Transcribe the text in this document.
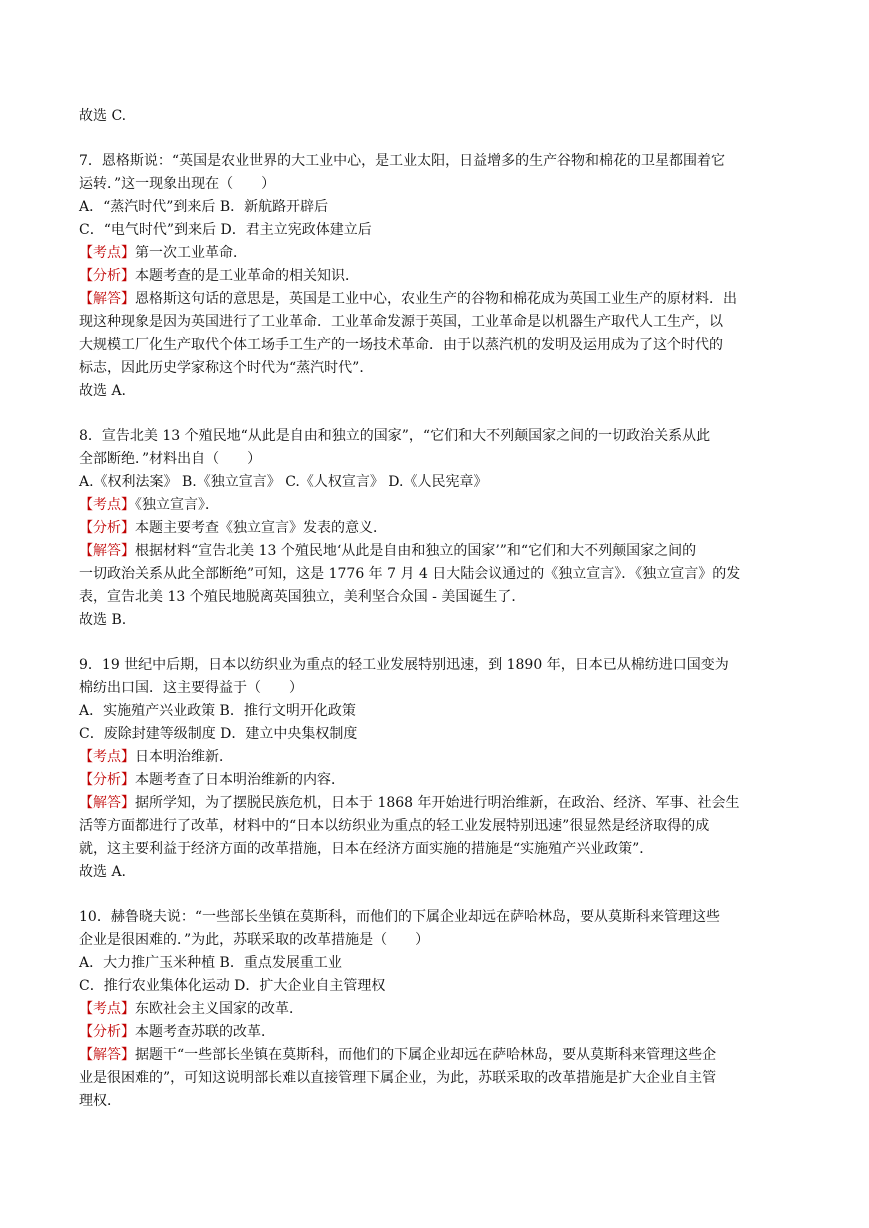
故选 C.
7．恩格斯说：“英国是农业世界的大工业中心，是工业太阳，日益增多的生产谷物和棉花的卫星都围着它
运转．”这一现象出现在（　　）
A．“蒸汽时代”到来后 B．新航路开辟后
C．“电气时代”到来后 D．君主立宪政体建立后
【考点】第一次工业革命．
【分析】本题考查的是工业革命的相关知识．
【解答】恩格斯这句话的意思是，英国是工业中心，农业生产的谷物和棉花成为英国工业生产的原材料．出
现这种现象是因为英国进行了工业革命．工业革命发源于英国，工业革命是以机器生产取代人工生产，以
大规模工厂化生产取代个体工场手工生产的一场技术革命．由于以蒸汽机的发明及运用成为了这个时代的
标志，因此历史学家称这个时代为“蒸汽时代”．
故选 A.
8．宣告北美 13 个殖民地“从此是自由和独立的国家”，“它们和大不列颠国家之间的一切政治关系从此
全部断绝．”材料出自（　　）
A.《权利法案》 B.《独立宣言》 C.《人权宣言》 D.《人民宪章》
【考点】《独立宣言》．
【分析】本题主要考查《独立宣言》发表的意义．
【解答】根据材料“宣告北美 13 个殖民地‘从此是自由和独立的国家’”和“它们和大不列颠国家之间的
一切政治关系从此全部断绝”可知，这是 1776 年 7 月 4 日大陆会议通过的《独立宣言》．《独立宣言》的发
表，宣告北美 13 个殖民地脱离英国独立，美利坚合众国 - 美国诞生了．
故选 B.
9．19 世纪中后期，日本以纺织业为重点的轻工业发展特别迅速，到 1890 年，日本已从棉纺进口国变为
棉纺出口国．这主要得益于（　　）
A．实施殖产兴业政策 B．推行文明开化政策
C．废除封建等级制度 D．建立中央集权制度
【考点】日本明治维新．
【分析】本题考查了日本明治维新的内容．
【解答】据所学知，为了摆脱民族危机，日本于 1868 年开始进行明治维新，在政治、经济、军事、社会生
活等方面都进行了改革，材料中的“日本以纺织业为重点的轻工业发展特别迅速”很显然是经济取得的成
就，这主要利益于经济方面的改革措施，日本在经济方面实施的措施是“实施殖产兴业政策”．
故选 A.
10．赫鲁晓夫说：“一些部长坐镇在莫斯科，而他们的下属企业却远在萨哈林岛，要从莫斯科来管理这些
企业是很困难的．”为此，苏联采取的改革措施是（　　）
A．大力推广玉米种植 B．重点发展重工业
C．推行农业集体化运动 D．扩大企业自主管理权
【考点】东欧社会主义国家的改革．
【分析】本题考查苏联的改革．
【解答】据题干“一些部长坐镇在莫斯科，而他们的下属企业却远在萨哈林岛，要从莫斯科来管理这些企
业是很困难的”，可知这说明部长难以直接管理下属企业，为此，苏联采取的改革措施是扩大企业自主管
理权．
